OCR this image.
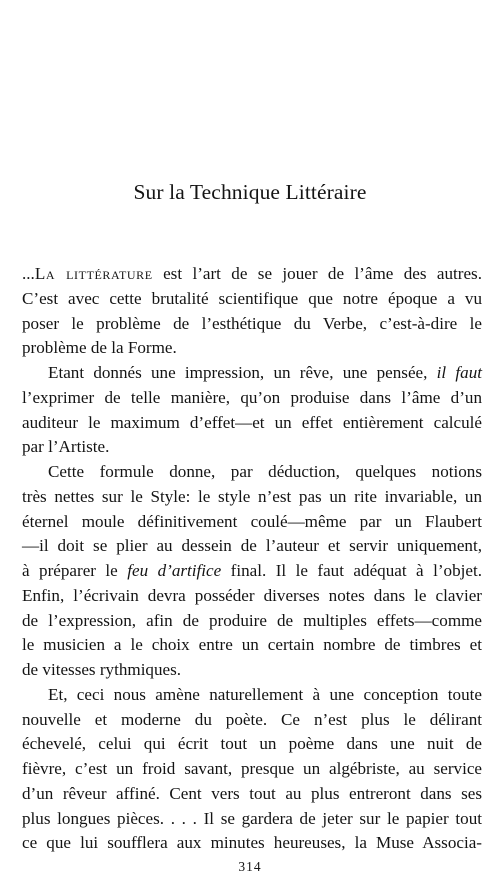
Sur la Technique Littéraire
...La littérature est l’art de se jouer de l’âme des autres.
C’est avec cette brutalité scientifique que notre époque a vu
poser le problème de l’esthétique du Verbe, c’est-à-dire le
problème de la Forme.
Etant donnés une impression, un rêve, une pensée, il faut
l’exprimer de telle manière, qu’on produise dans l’âme d’un
auditeur le maximum d’effet—et un effet entièrement calculé
par l’Artiste.
Cette formule donne, par déduction, quelques notions
très nettes sur le Style: le style n’est pas un rite invariable, un
éternel moule définitivement coulé—même par un Flaubert
—il doit se plier au dessein de l’auteur et servir uniquement,
à préparer le feu d’artifice final. Il le faut adéquat à l’objet.
Enfin, l’écrivain devra posséder diverses notes dans le clavier
de l’expression, afin de produire de multiples effets—comme
le musicien a le choix entre un certain nombre de timbres et
de vitesses rythmiques.
Et, ceci nous amène naturellement à une conception toute
nouvelle et moderne du poète. Ce n’est plus le délirant
échevelé, celui qui écrit tout un poème dans une nuit de
fièvre, c’est un froid savant, presque un algébriste, au service
d’un rêveur affiné. Cent vers tout au plus entreront dans ses
plus longues pièces. . . . Il se gardera de jeter sur le papier tout
ce que lui soufflera aux minutes heureuses, la Muse Associa-
314
